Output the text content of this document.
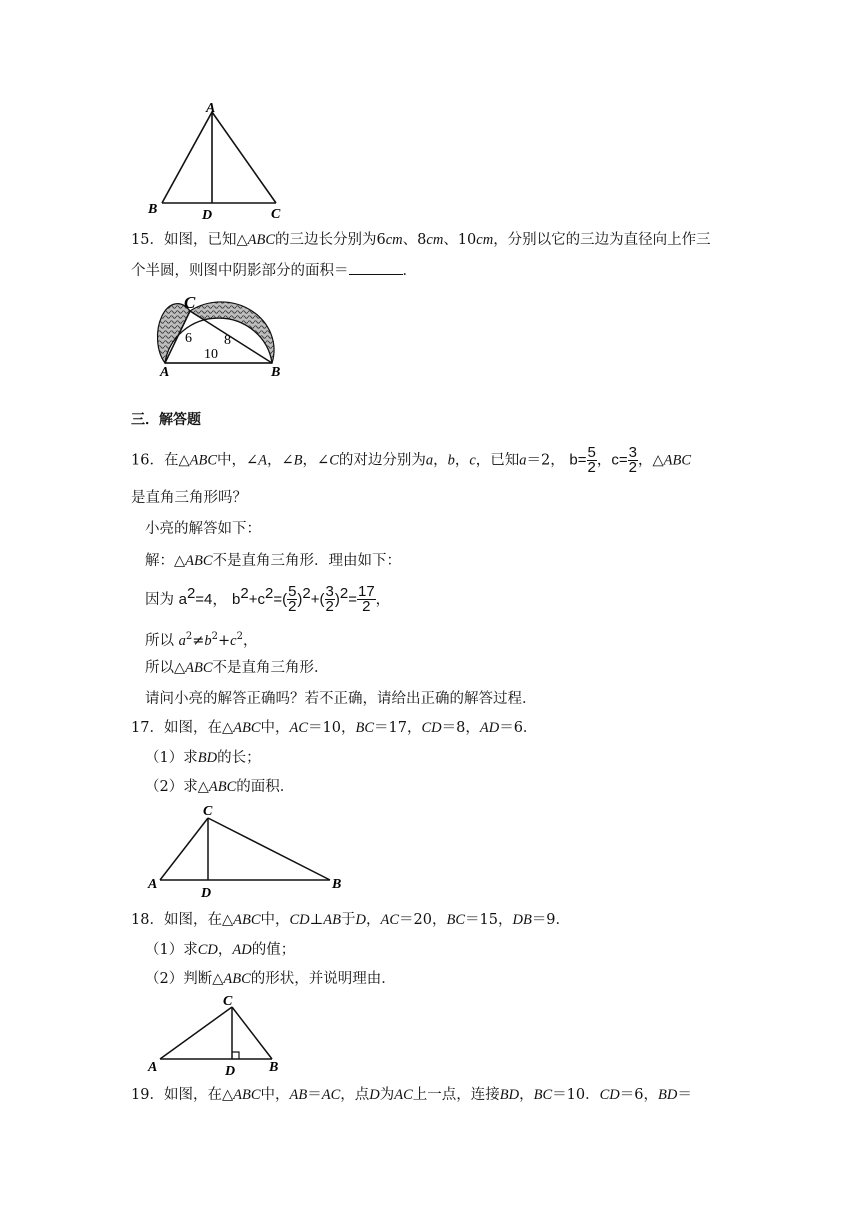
A
B	D	C
15．如图，已知△ABC的三边长分别为6cm、8cm、10cm，分别以它的三边为直径向上作三
个半圆，则图中阴影部分的面积＝	．
C
A	B
6 8
10
三．解答题
16．在△ABC中，∠A，∠B，∠C的对边分别为a，b，c，已知a＝2， $b= \frac{5}{2}$ ，$c= \frac{3}{2}$ ，△ABC
是直角三角形吗？
小亮的解答如下：
解：△ABC不是直角三角形．理由如下：
因为 $a^2=4$， $b^2+c^2=( \frac{5}{2} )^2+( \frac{3}{2} )^2= \frac{17}{2}$ ，
所以 $a^2\ne b^2+c^2$，
所以△ABC不是直角三角形．
请问小亮的解答正确吗？若不正确，请给出正确的解答过程．
17．如图，在△ABC中，AC＝10，BC＝17，CD＝8，AD＝6．
（1）求BD的长；
（2）求△ABC的面积．
C
A
D
B
18．如图，在△ABC中，CD⊥AB于D，AC＝20，BC＝15，DB＝9．
（1）求CD，AD的值；
（2）判断△ABC的形状，并说明理由．
C
A	D B
19．如图，在△ABC中，AB＝AC，点D为AC上一点，连接BD，BC＝10．CD＝6，BD＝
